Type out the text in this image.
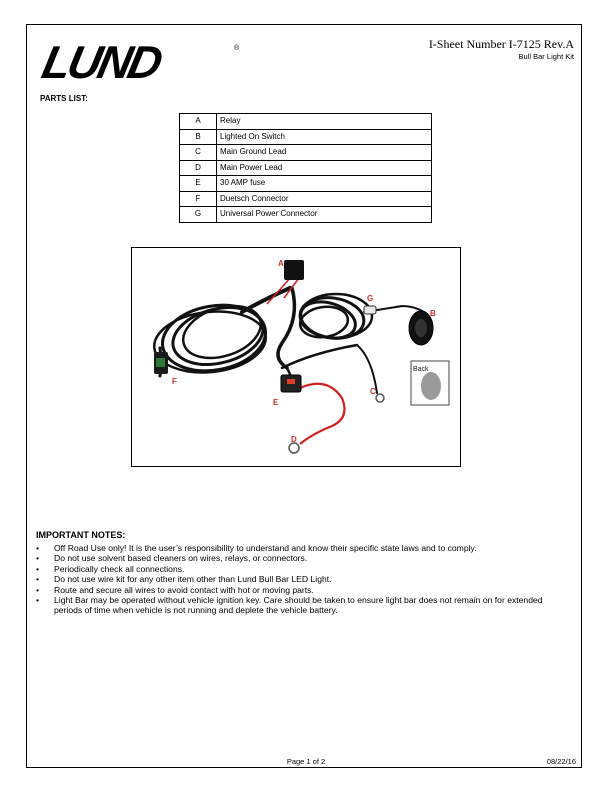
LUND	®	I-Sheet Number I-7125 Rev.A
Bull Bar Light Kit
PARTS LIST:
A	Relay
B	Lighted On Switch
C	Main Ground Lead
D	Main Power Lead
E	30 AMP fuse
F	Duetsch Connector
G	Universal Power Connector
Back
A
B
C
D
E
F
G
IMPORTANT NOTES:
• Off Road Use only! It is the user’s responsibility to understand and know their specific state laws and to comply.
• Do not use solvent based cleaners on wires, relays, or connectors.
• Periodically check all connections.
• Do not use wire kit for any other item other than Lund Bull Bar LED Light.
• Route and secure all wires to avoid contact with hot or moving parts.
• Light Bar may be operated without vehicle ignition key. Care should be taken to ensure light bar does not remain on for extended periods of time when vehicle is not running and deplete the vehicle battery.
Page 1 of 2	08/22/16
